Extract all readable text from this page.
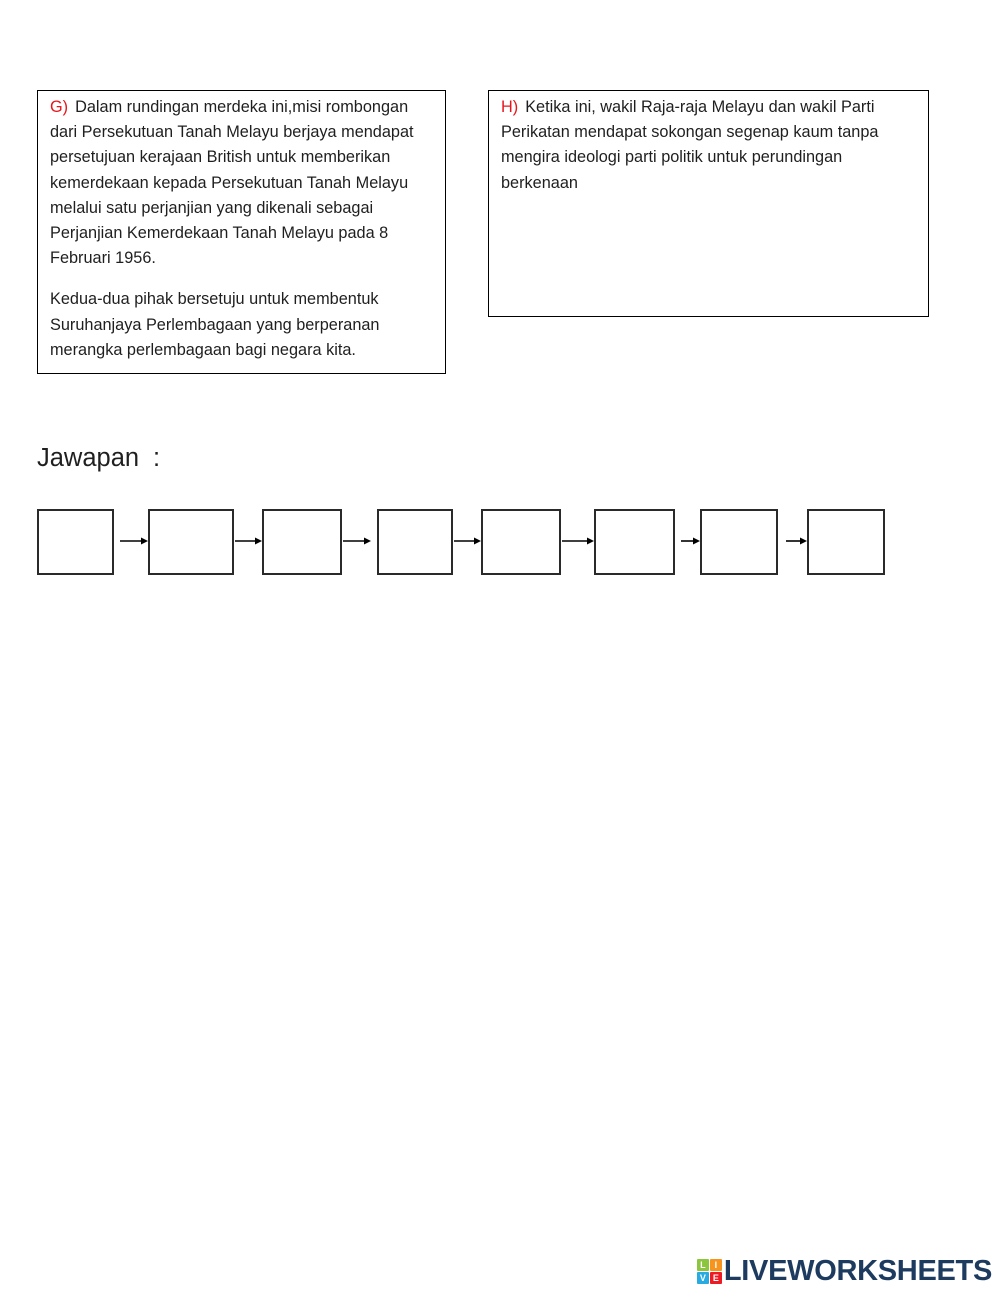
G) Dalam rundingan merdeka ini,misi rombongan
dari Persekutuan Tanah Melayu berjaya mendapat
persetujuan kerajaan British untuk memberikan
kemerdekaan kepada Persekutuan Tanah Melayu
melalui satu perjanjian yang dikenali sebagai
Perjanjian Kemerdekaan Tanah Melayu pada 8
Februari 1956.
Kedua-dua pihak bersetuju untuk membentuk
Suruhanjaya Perlembagaan yang berperanan
merangka perlembagaan bagi negara kita.
H) Ketika ini, wakil Raja-raja Melayu dan wakil Parti
Perikatan mendapat sokongan segenap kaum tanpa
mengira ideologi parti politik untuk perundingan
berkenaan
Jawapan :
L I
V E LIVEWORKSHEETS
